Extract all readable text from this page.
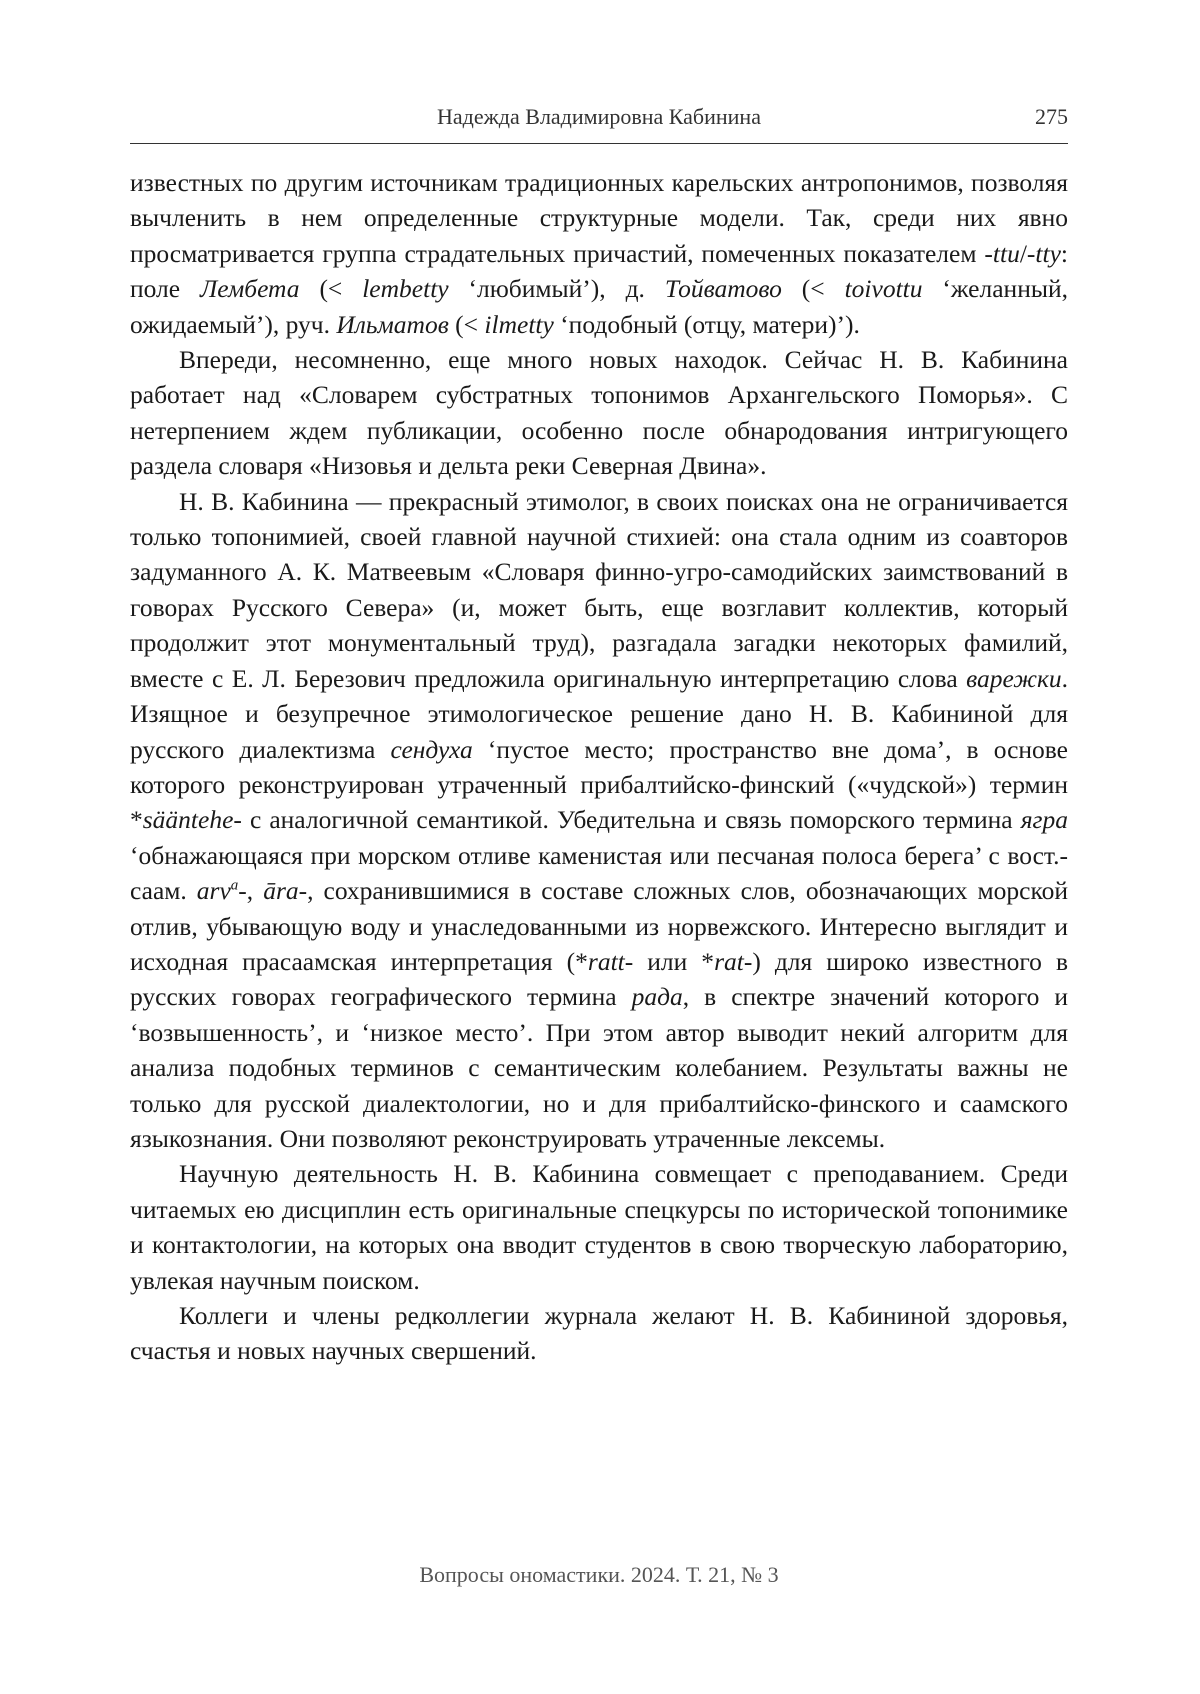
Надежда Владимировна Кабинина	275

известных по другим источникам традиционных карельских антропонимов, позволяя вычленить в нем определенные структурные модели. Так, среди них явно просматривается группа страдательных причастий, помеченных показателем -ttu/-tty: поле Лембета (< lembetty ‘любимый’), д. Тойватово (< toivottu ‘желанный, ожидаемый’), руч. Ильматов (< ilmetty ‘подобный (отцу, матери)’).

Впереди, несомненно, еще много новых находок. Сейчас Н. В. Кабинина работает над «Словарем субстратных топонимов Архангельского Поморья». С нетерпением ждем публикации, особенно после обнародования интригующего раздела словаря «Низовья и дельта реки Северная Двина».

Н. В. Кабинина — прекрасный этимолог, в своих поисках она не ограничивается только топонимией, своей главной научной стихией: она стала одним из соавторов задуманного А. К. Матвеевым «Словаря финно-угро-самодийских заимствований в говорах Русского Севера» (и, может быть, еще возглавит коллектив, который продолжит этот монументальный труд), разгадала загадки некоторых фамилий, вместе с Е. Л. Березович предложила оригинальную интерпретацию слова варежки. Изящное и безупречное этимологическое решение дано Н. В. Кабининой для русского диалектизма сендуха ‘пустое место; пространство вне дома’, в основе которого реконструирован утраченный прибалтийско-финский («чудской») термин *sääntehe- с аналогичной семантикой. Убедительна и связь поморского термина ягра ‘обнажающаяся при морском отливе каменистая или песчаная полоса берега’ с вост.-саам. arva-, āra-, сохранившимися в составе сложных слов, обозначающих морской отлив, убывающую воду и унаследованными из норвежского. Интересно выглядит и исходная прасаамская интерпретация (*ratt- или *rat-) для широко известного в русских говорах географического термина рада, в спектре значений которого и ‘возвышенность’, и ‘низкое место’. При этом автор выводит некий алгоритм для анализа подобных терминов с семантическим колебанием. Результаты важны не только для русской диалектологии, но и для прибалтийско-финского и саамского языкознания. Они позволяют реконструировать утраченные лексемы.

Научную деятельность Н. В. Кабинина совмещает с преподаванием. Среди читаемых ею дисциплин есть оригинальные спецкурсы по исторической топонимике и контактологии, на которых она вводит студентов в свою творческую лабораторию, увлекая научным поиском.

Коллеги и члены редколлегии журнала желают Н. В. Кабининой здоровья, счастья и новых научных свершений.

Вопросы ономастики. 2024. Т. 21, № 3
